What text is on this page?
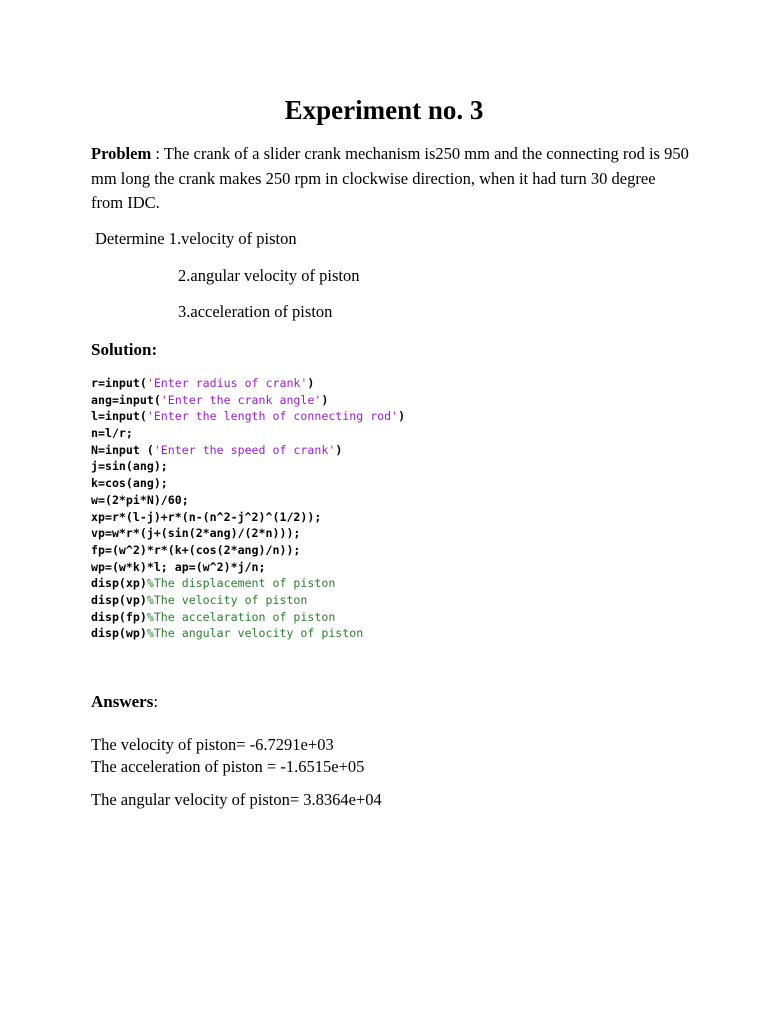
Experiment no. 3
Problem : The crank of a slider crank mechanism is250 mm and the connecting rod is 950 mm long the crank makes 250 rpm in clockwise direction, when it had turn 30 degree from IDC.
Determine 1.velocity of piston
2.angular velocity of piston
3.acceleration of piston
Solution:
r=input('Enter radius of crank')
ang=input('Enter the crank angle')
l=input('Enter the length of connecting rod')
n=l/r;
N=input ('Enter the speed of crank')
j=sin(ang);
k=cos(ang);
w=(2*pi*N)/60;
xp=r*(l-j)+r*(n-(n^2-j^2)^(1/2));
vp=w*r*(j+(sin(2*ang)/(2*n)));
fp=(w^2)*r*(k+(cos(2*ang)/n));
wp=(w*k)*l; ap=(w^2)*j/n;
disp(xp)%The displacement of piston
disp(vp)%The velocity of piston
disp(fp)%The accelaration of piston
disp(wp)%The angular velocity of piston
Answers:
The velocity of piston= -6.7291e+03
The acceleration of piston = -1.6515e+05
The angular velocity of piston= 3.8364e+04
